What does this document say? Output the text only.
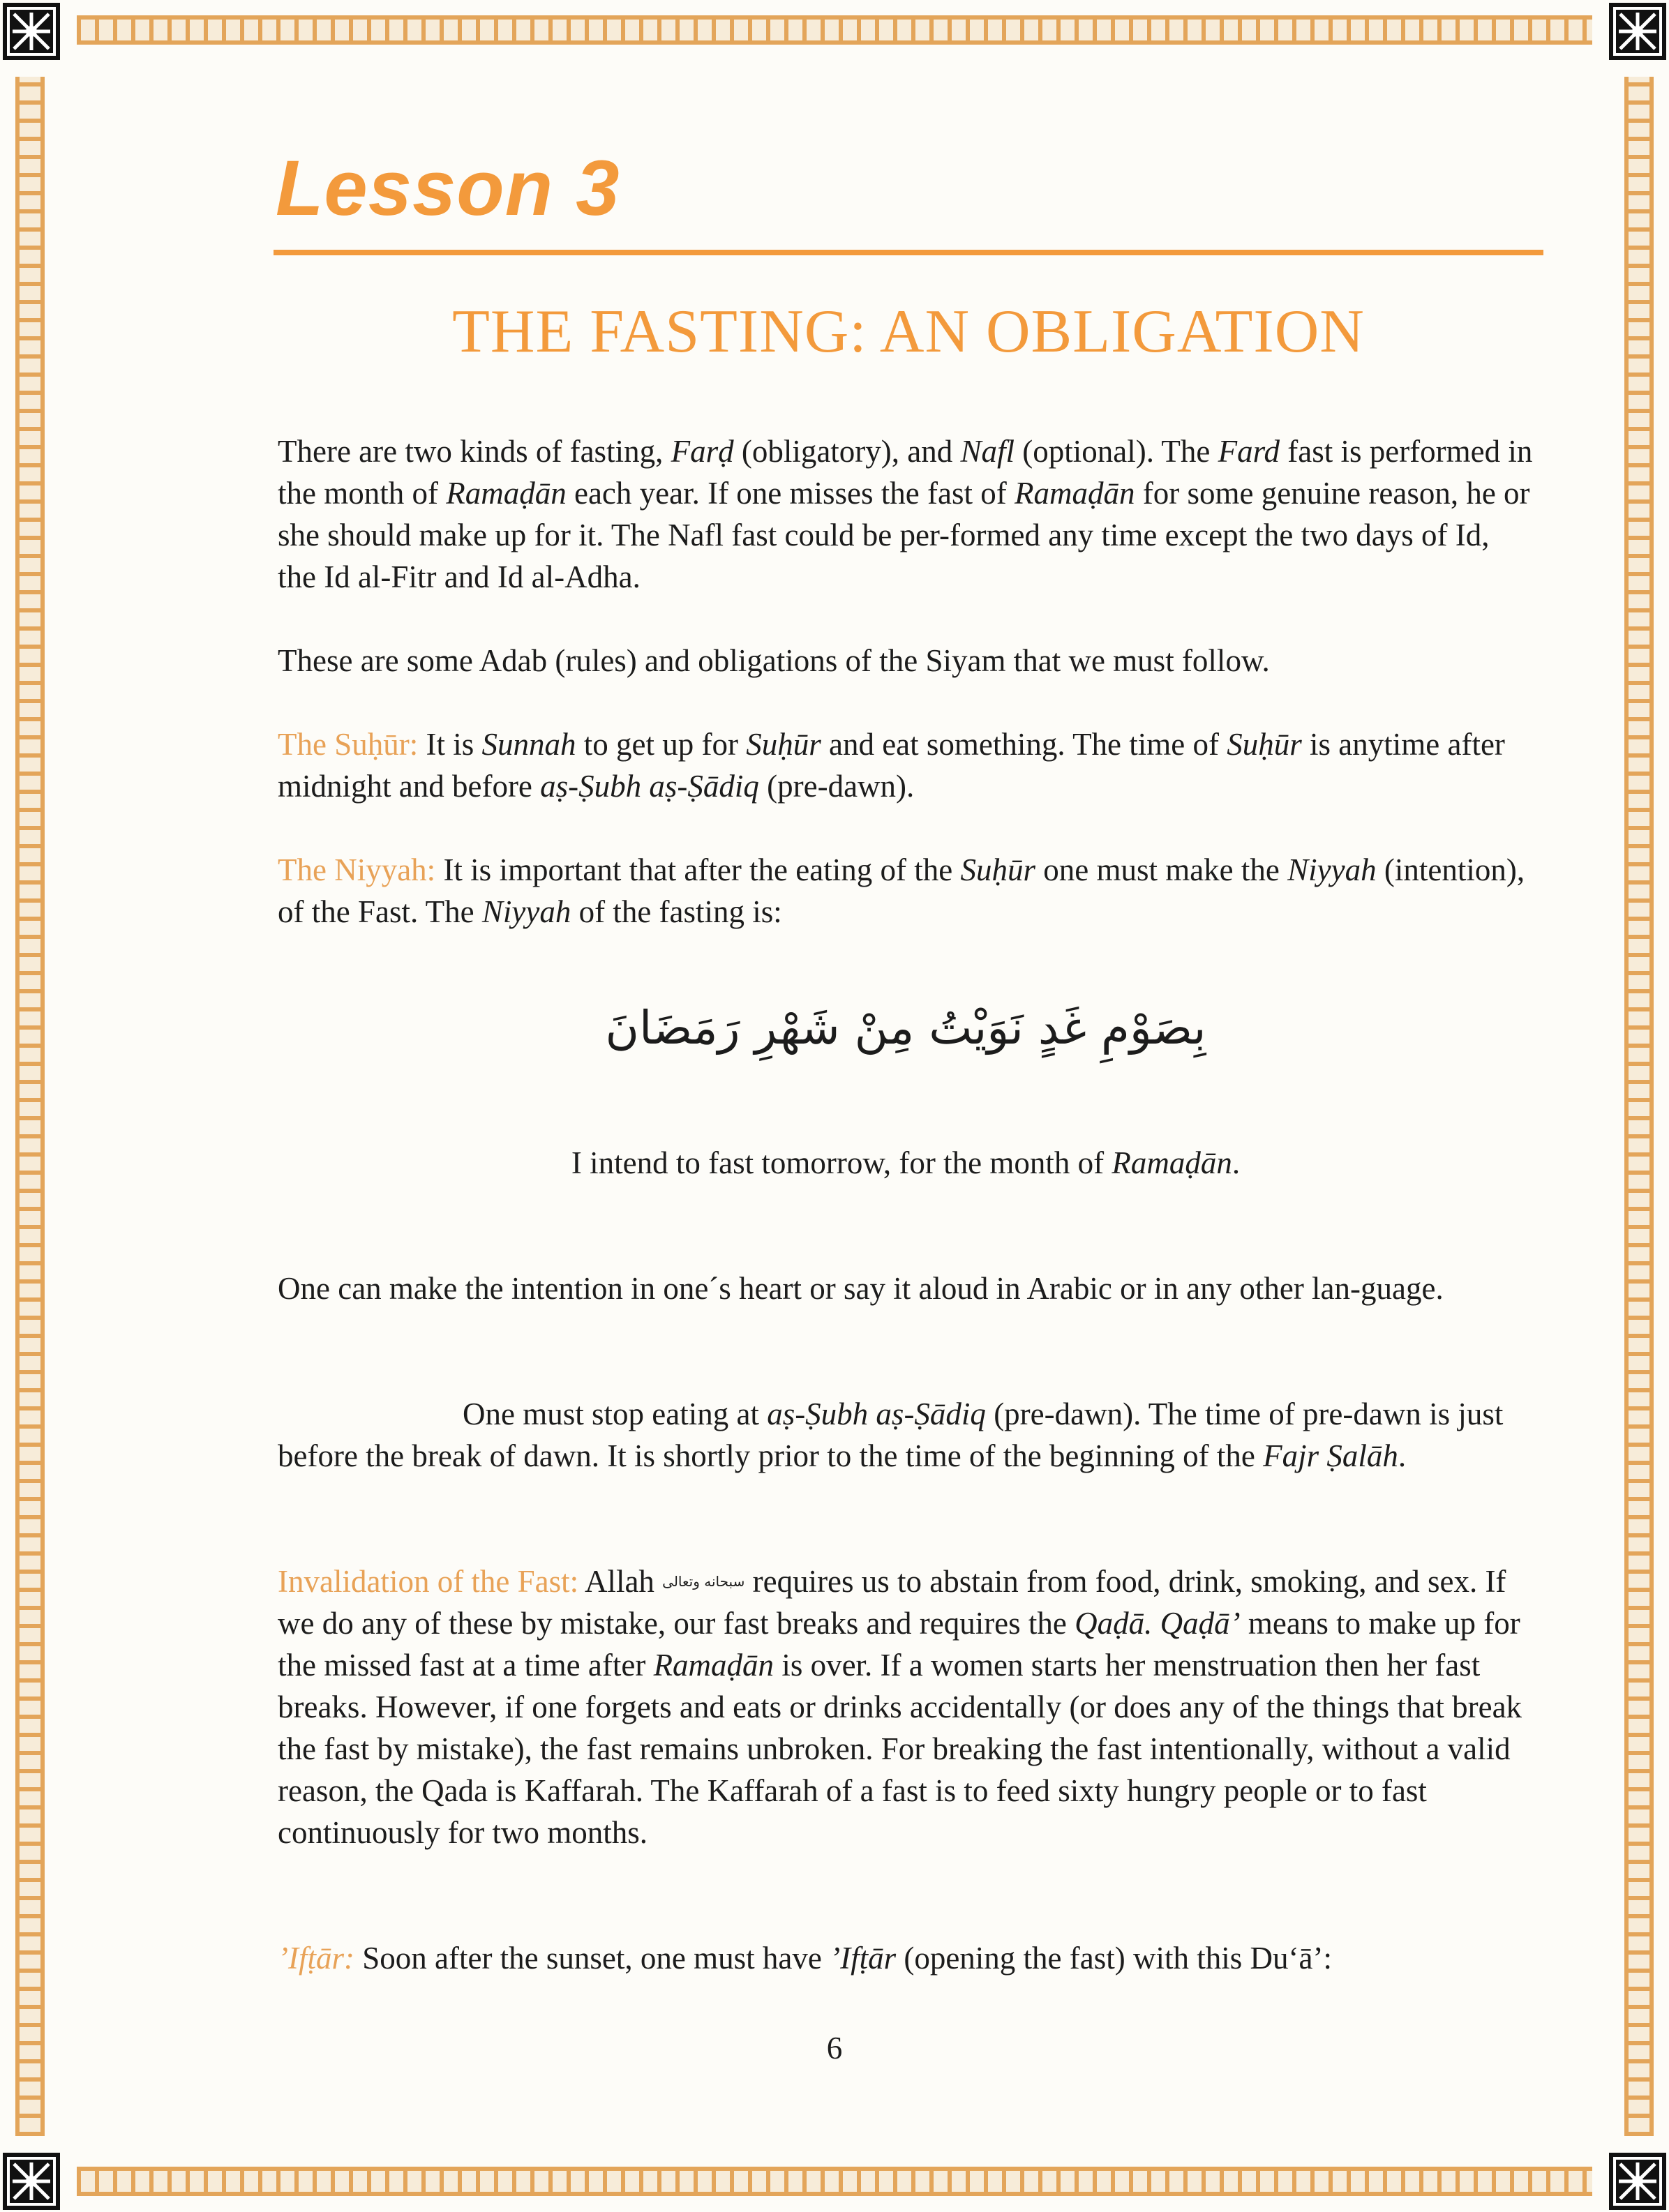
Lesson 3
THE FASTING: AN OBLIGATION

There are two kinds of fasting, Farḍ (obligatory), and Nafl (optional). The Fard fast is performed in the month of Ramaḍān each year. If one misses the fast of Ramaḍān for some genuine reason, he or she should make up for it. The Nafl fast could be per-formed any time except the two days of Id, the Id al-Fitr and Id al-Adha.

These are some Adab (rules) and obligations of the Siyam that we must follow.

The Suḥūr: It is Sunnah to get up for Suḥūr and eat something. The time of Suḥūr is anytime after midnight and before aṣ-Ṣubh aṣ-Ṣādiq (pre-dawn).

The Niyyah: It is important that after the eating of the Suḥūr one must make the Niyyah (intention), of the Fast. The Niyyah of the fasting is:

بِصَوْمِ غَدٍ نَوَيْتُ مِنْ شَهْرِ رَمَضَانَ

I intend to fast tomorrow, for the month of Ramaḍān.

One can make the intention in one´s heart or say it aloud in Arabic or in any other lan-guage.

One must stop eating at aṣ-Ṣubh aṣ-Ṣādiq (pre-dawn). The time of pre-dawn is just before the break of dawn. It is shortly prior to the time of the beginning of the Fajr Ṣalāh.

Invalidation of the Fast: Allah سبحانه وتعالى requires us to abstain from food, drink, smoking, and sex. If we do any of these by mistake, our fast breaks and requires the Qaḍā. Qaḍā’ means to make up for the missed fast at a time after Ramaḍān is over. If a women starts her menstruation then her fast breaks. However, if one forgets and eats or drinks accidentally (or does any of the things that break the fast by mistake), the fast remains unbroken. For breaking the fast intentionally, without a valid reason, the Qada is Kaffarah. The Kaffarah of a fast is to feed sixty hungry people or to fast continuously for two months.

’Ifṭār: Soon after the sunset, one must have ’Ifṭār (opening the fast) with this Du‘ā’:

6
